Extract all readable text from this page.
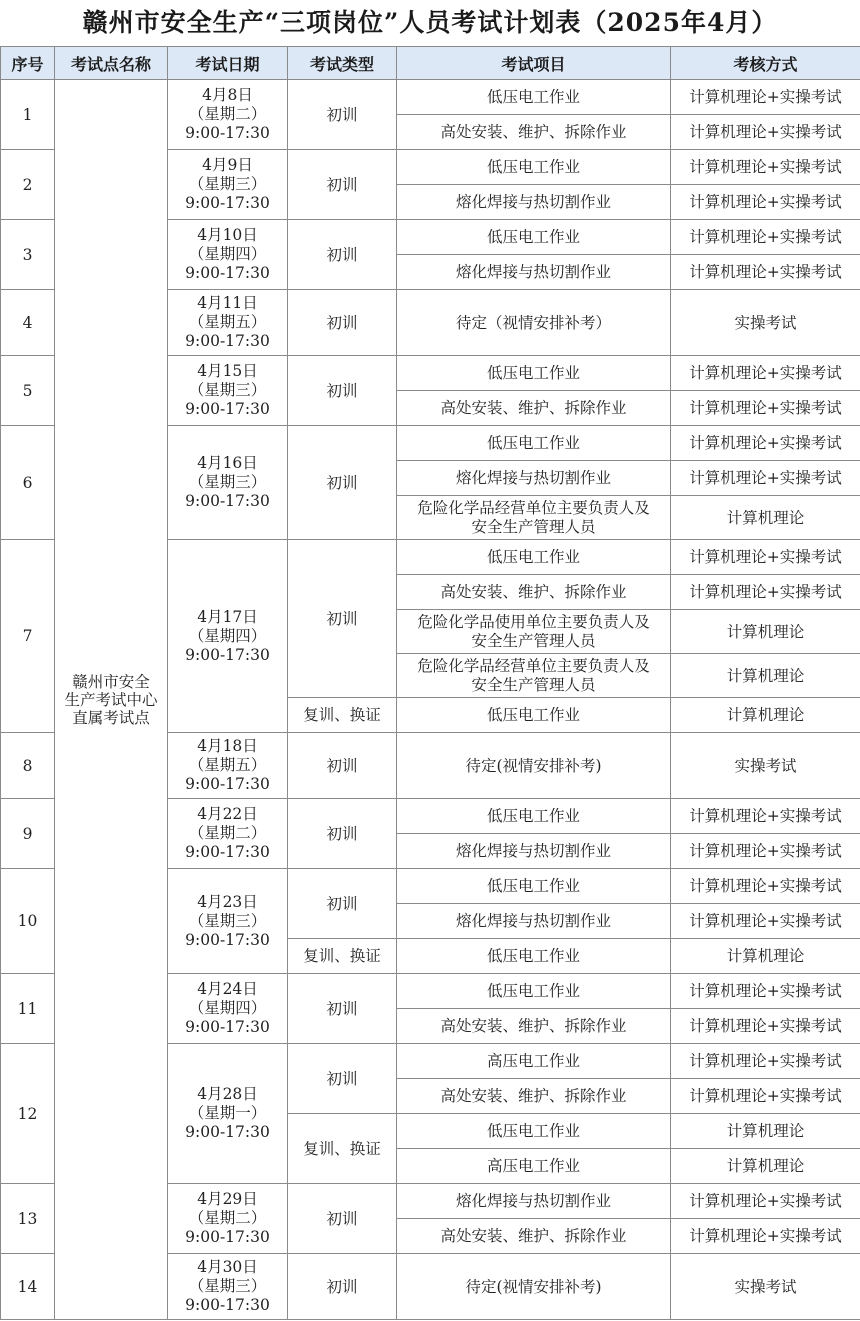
赣州市安全生产“三项岗位”人员考试计划表（2025年4月）
序号	考试点名称	考试日期	考试类型	考试项目	考核方式
1	赣州市安全
生产考试中心
直属考试点	4月8日
（星期二）
9:00-17:30	初训	低压电工作业	计算机理论+实操考试
				高处安装、维护、拆除作业	计算机理论+实操考试
2		4月9日
（星期三）
9:00-17:30	初训	低压电工作业	计算机理论+实操考试
				熔化焊接与热切割作业	计算机理论+实操考试
3		4月10日
（星期四）
9:00-17:30	初训	低压电工作业	计算机理论+实操考试
				熔化焊接与热切割作业	计算机理论+实操考试
4		4月11日
（星期五）
9:00-17:30	初训	待定（视情安排补考）	实操考试
5		4月15日
（星期三）
9:00-17:30	初训	低压电工作业	计算机理论+实操考试
				高处安装、维护、拆除作业	计算机理论+实操考试
6		4月16日
（星期三）
9:00-17:30	初训	低压电工作业	计算机理论+实操考试
				熔化焊接与热切割作业	计算机理论+实操考试

				危险化学品经营单位主要负责人及
安全生产管理人员	计算机理论
7		4月17日
（星期四）
9:00-17:30	初训	低压电工作业	计算机理论+实操考试
				高处安装、维护、拆除作业	计算机理论+实操考试

				危险化学品使用单位主要负责人及
安全生产管理人员	计算机理论

				危险化学品经营单位主要负责人及
安全生产管理人员	计算机理论
			复训、换证	低压电工作业	计算机理论
8		4月18日
（星期五）
9:00-17:30	初训	待定(视情安排补考)	实操考试
9		4月22日
（星期二）
9:00-17:30	初训	低压电工作业	计算机理论+实操考试
				熔化焊接与热切割作业	计算机理论+实操考试
10		4月23日
（星期三）
9:00-17:30	初训	低压电工作业	计算机理论+实操考试
				熔化焊接与热切割作业	计算机理论+实操考试
			复训、换证	低压电工作业	计算机理论
11		4月24日
（星期四）
9:00-17:30	初训	低压电工作业	计算机理论+实操考试
				高处安装、维护、拆除作业	计算机理论+实操考试
12		4月28日
（星期一）
9:00-17:30	初训	高压电工作业	计算机理论+实操考试
				高处安装、维护、拆除作业	计算机理论+实操考试
			复训、换证	低压电工作业	计算机理论
				高压电工作业	计算机理论
13		4月29日
（星期二）
9:00-17:30	初训	熔化焊接与热切割作业	计算机理论+实操考试
				高处安装、维护、拆除作业	计算机理论+实操考试
14		4月30日
（星期三）
9:00-17:30	初训	待定(视情安排补考)	实操考试
